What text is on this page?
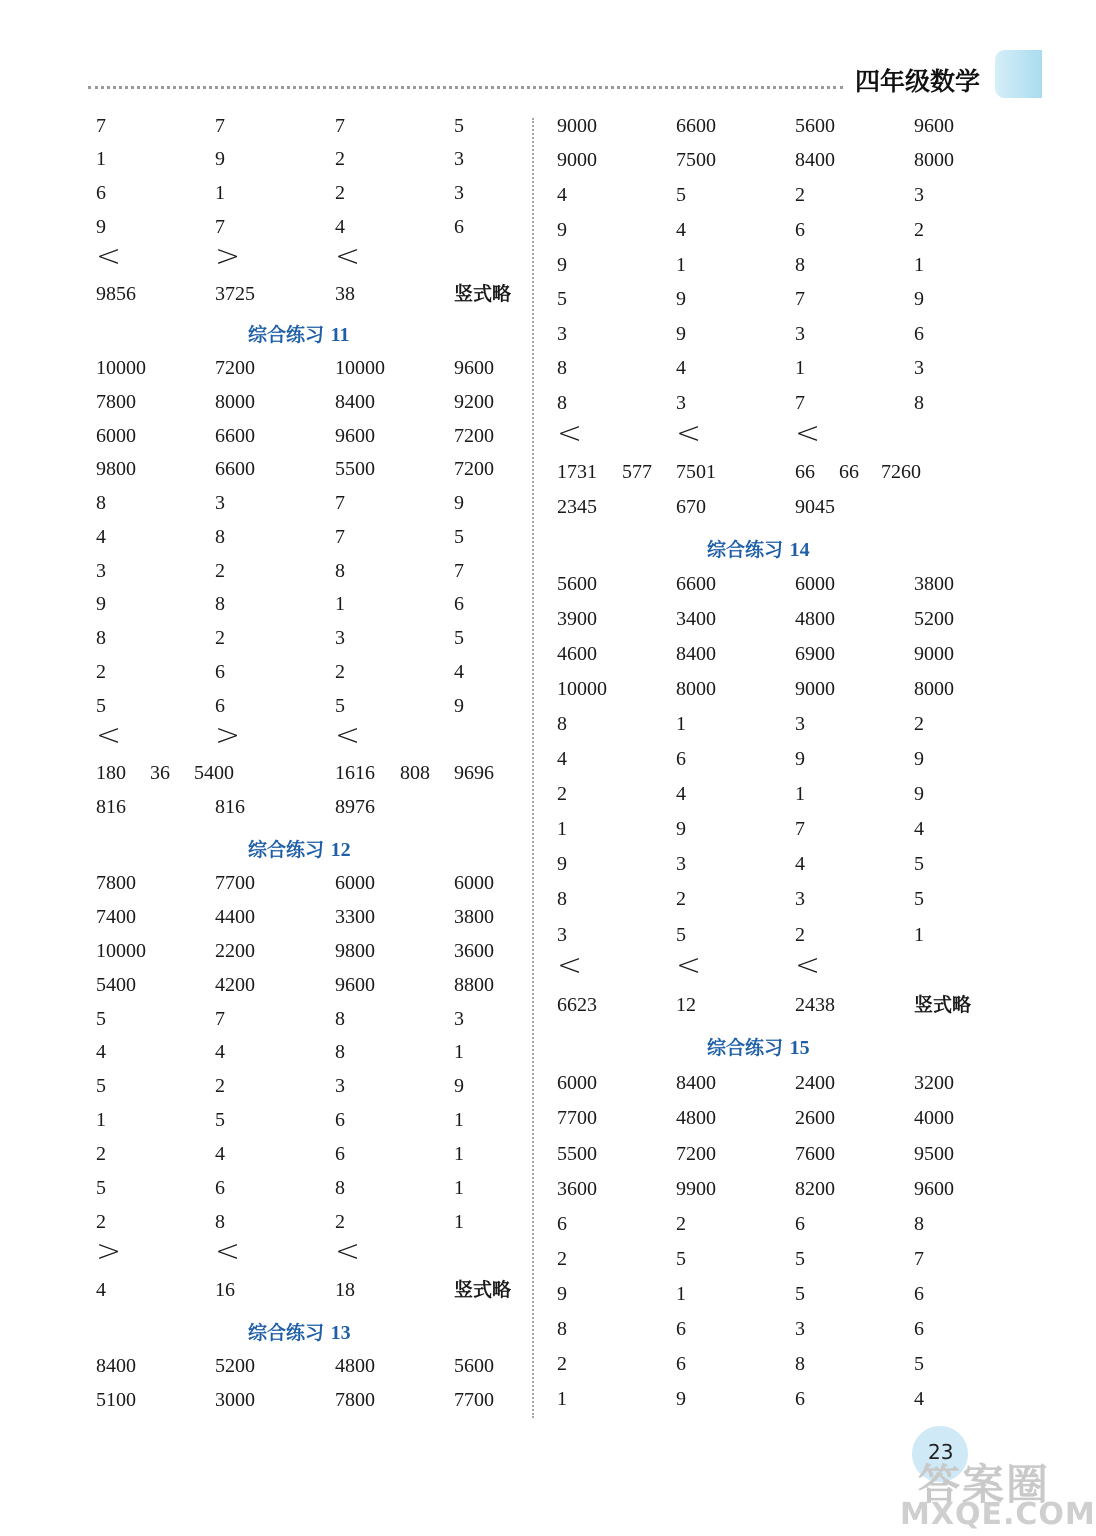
四年级数学
7	7	7	5
1	9	2	3
6	1	2	3
9	7	4	6
<	>	<
9856	3725	38	竖式略
综合练习 11
10000	7200	10000	9600
7800	8000	8400	9200
6000	6600	9600	7200
9800	6600	5500	7200
8	3	7	9
4	8	7	5
3	2	8	7
9	8	1	6
8	2	3	5
2	6	2	4
5	6	5	9
<	>	<
180 36 5400	1616 808 9696
816	816	8976
综合练习 12
7800	7700	6000	6000
7400	4400	3300	3800
10000	2200	9800	3600
5400	4200	9600	8800
5	7	8	3
4	4	8	1
5	2	3	9
1	5	6	1
2	4	6	1
5	6	8	1
2	8	2	1
>	<	<
4	16	18	竖式略
综合练习 13
8400	5200	4800	5600
5100	3000	7800	7700
9000	6600	5600	9600
9000	7500	8400	8000
4	5	2	3
9	4	6	2
9	1	8	1
5	9	7	9
3	9	3	6
8	4	1	3
8	3	7	8
<	<	<
1731 577 7501	66 66 7260
2345	670	9045
综合练习 14
5600	6600	6000	3800
3900	3400	4800	5200
4600	8400	6900	9000
10000	8000	9000	8000
8	1	3	2
4	6	9	9
2	4	1	9
1	9	7	4
9	3	4	5
8	2	3	5
3	5	2	1
<	<	<
6623	12	2438	竖式略
综合练习 15
6000	8400	2400	3200
7700	4800	2600	4000
5500	7200	7600	9500
3600	9900	8200	9600
6	2	6	8
2	5	5	7
9	1	5	6
8	6	3	6
2	6	8	5
1	9	6	4
23
答案圈
MXQE.COM
